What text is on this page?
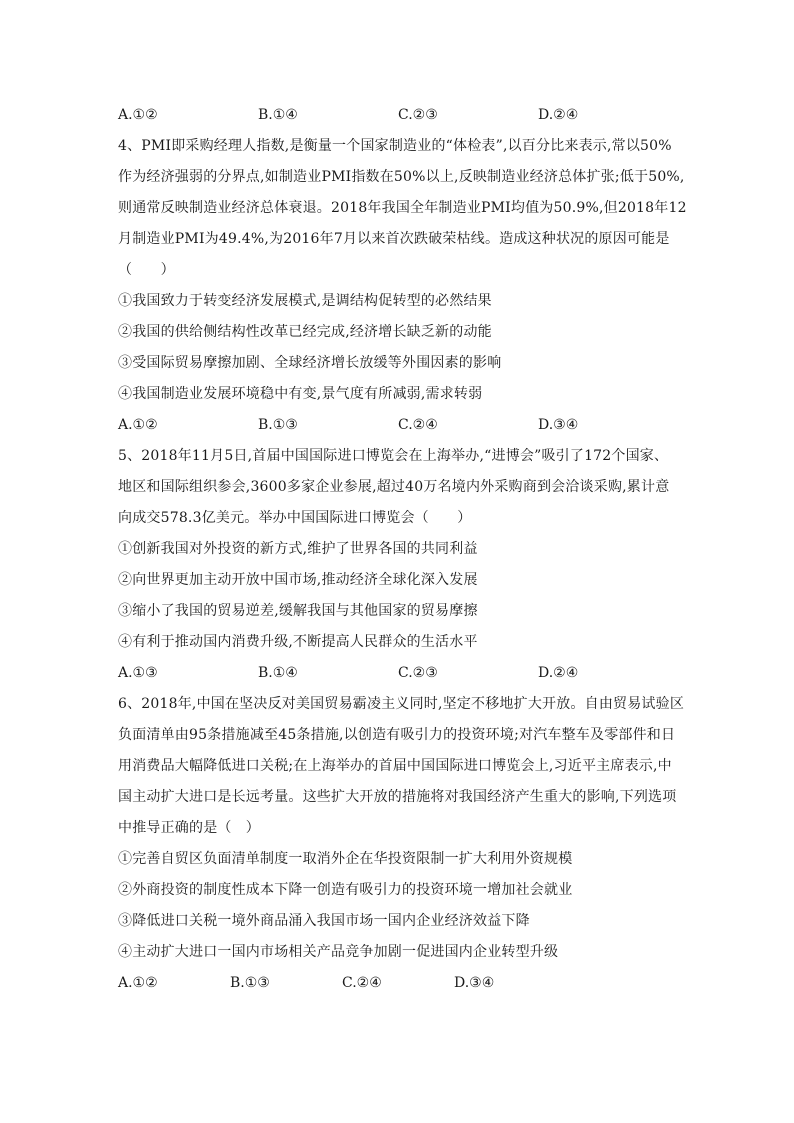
A.①②	B.①④	C.②③	D.②④
4、PMI即采购经理人指数,是衡量一个国家制造业的“体检表”,以百分比来表示,常以50%
作为经济强弱的分界点,如制造业PMI指数在50%以上,反映制造业经济总体扩张;低于50%,
则通常反映制造业经济总体衰退。2018年我国全年制造业PMI均值为50.9%,但2018年12
月制造业PMI为49.4%,为2016年7月以来首次跌破荣枯线。造成这种状况的原因可能是
（　　）
①我国致力于转变经济发展模式,是调结构促转型的必然结果
②我国的供给侧结构性改革已经完成,经济增长缺乏新的动能
③受国际贸易摩擦加剧、全球经济增长放缓等外围因素的影响
④我国制造业发展环境稳中有变,景气度有所减弱,需求转弱
A.①②	B.①③	C.②④	D.③④
5、2018年11月5日,首届中国国际进口博览会在上海举办,“进博会”吸引了172个国家、
地区和国际组织参会,3600多家企业参展,超过40万名境内外采购商到会洽谈采购,累计意
向成交578.3亿美元。举办中国国际进口博览会（　　）
①创新我国对外投资的新方式,维护了世界各国的共同利益
②向世界更加主动开放中国市场,推动经济全球化深入发展
③缩小了我国的贸易逆差,缓解我国与其他国家的贸易摩擦
④有利于推动国内消费升级,不断提高人民群众的生活水平
A.①③	B.①④	C.②③	D.②④
6、2018年,中国在坚决反对美国贸易霸凌主义同时,坚定不移地扩大开放。自由贸易试验区
负面清单由95条措施减至45条措施,以创造有吸引力的投资环境;对汽车整车及零部件和日
用消费品大幅降低进口关税;在上海举办的首届中国国际进口博览会上,习近平主席表示,中
国主动扩大进口是长远考量。这些扩大开放的措施将对我国经济产生重大的影响,下列选项
中推导正确的是（　）
①完善自贸区负面清单制度一取消外企在华投资限制一扩大利用外资规模
②外商投资的制度性成本下降一创造有吸引力的投资环境一增加社会就业
③降低进口关税一境外商品涌入我国市场一国内企业经济效益下降
④主动扩大进口一国内市场相关产品竞争加剧一促进国内企业转型升级
A.①②	B.①③	C.②④	D.③④
